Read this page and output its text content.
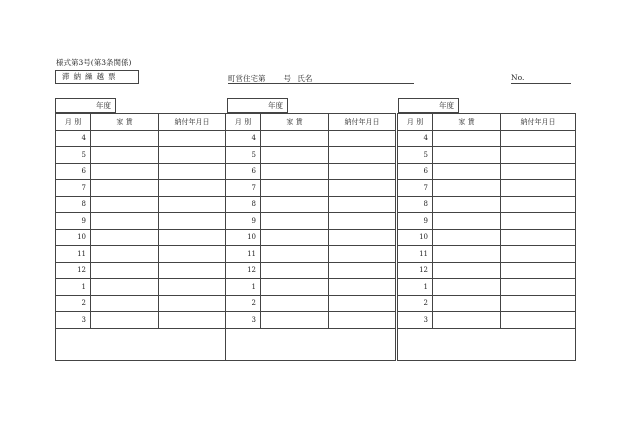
様式第3号(第3条関係)
滞納繰越票	町営住宅第 号 氏名	No.
年度
月 別	家 賃	納付年月日
4		
5		
6		
7		
8		
9		
10		
11		
12		
1		
2		
3		
年度
月 別	家 賃	納付年月日
4		
5		
6		
7		
8		
9		
10		
11		
12		
1		
2		
3		
年度
月 別	家 賃	納付年月日
4		
5		
6		
7		
8		
9		
10		
11		
12		
1		
2		
3		
